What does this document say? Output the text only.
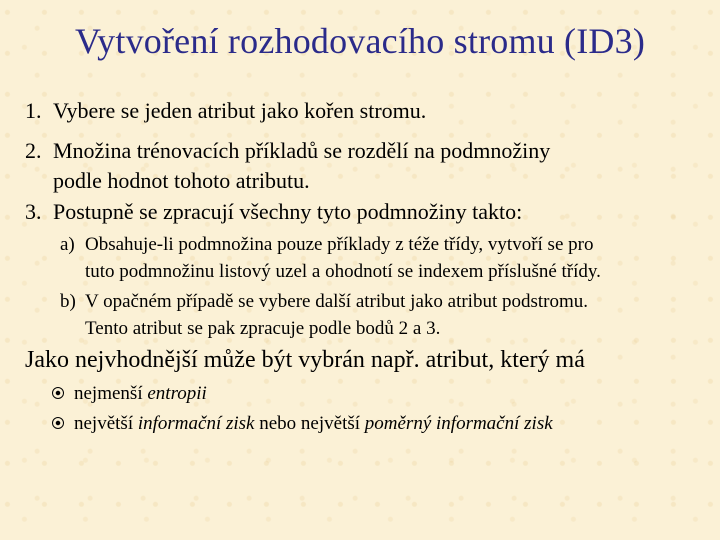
Vytvoření rozhodovacího stromu (ID3)
1. Vybere se jeden atribut jako kořen stromu.
2. Množina trénovacích příkladů se rozdělí na podmnožiny
podle hodnot tohoto atributu.
3. Postupně se zpracují všechny tyto podmnožiny takto:
a) Obsahuje-li podmnožina pouze příklady z téže třídy, vytvoří se pro
tuto podmnožinu listový uzel a ohodnotí se indexem příslušné třídy.
b) V opačném případě se vybere další atribut jako atribut podstromu.
Tento atribut se pak zpracuje podle bodů 2 a 3.
Jako nejvhodnější může být vybrán např. atribut, který má
nejmenší entropii
největší informační zisk nebo největší poměrný informační zisk
